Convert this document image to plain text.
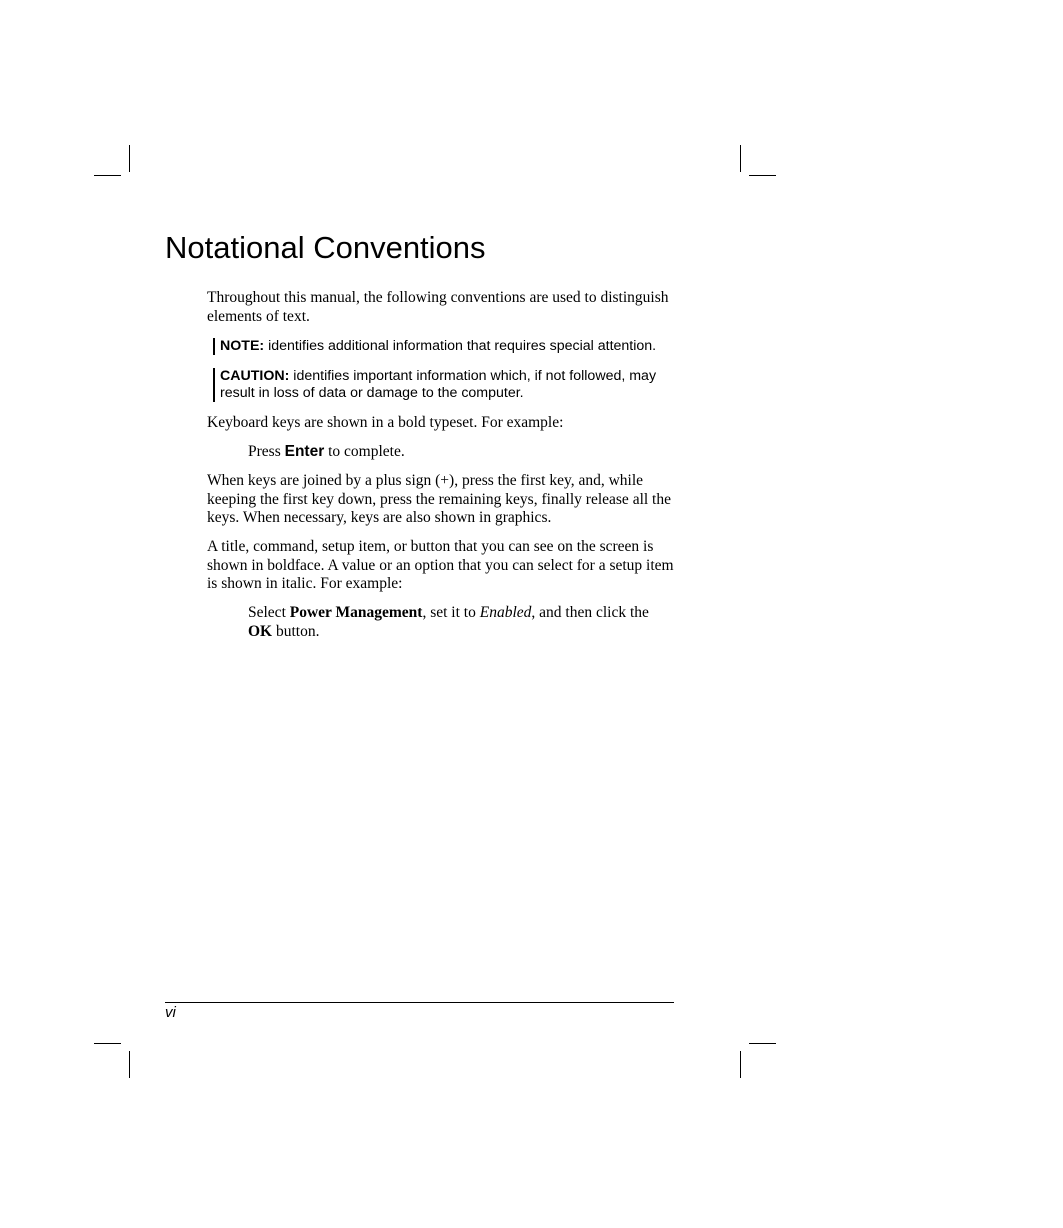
Notational Conventions

Throughout this manual, the following conventions are used to distinguish elements of text.

NOTE: identifies additional information that requires special attention.
CAUTION: identifies important information which, if not followed, may
result in loss of data or damage to the computer.

Keyboard keys are shown in a bold typeset. For example:

Press Enter to complete.

When keys are joined by a plus sign (+), press the first key, and, while keeping the first key down, press the remaining keys, finally release all the keys. When necessary, keys are also shown in graphics.

A title, command, setup item, or button that you can see on the screen is shown in boldface. A value or an option that you can select for a setup item is shown in italic. For example:

Select Power Management, set it to Enabled, and then click the
OK button.

vi
